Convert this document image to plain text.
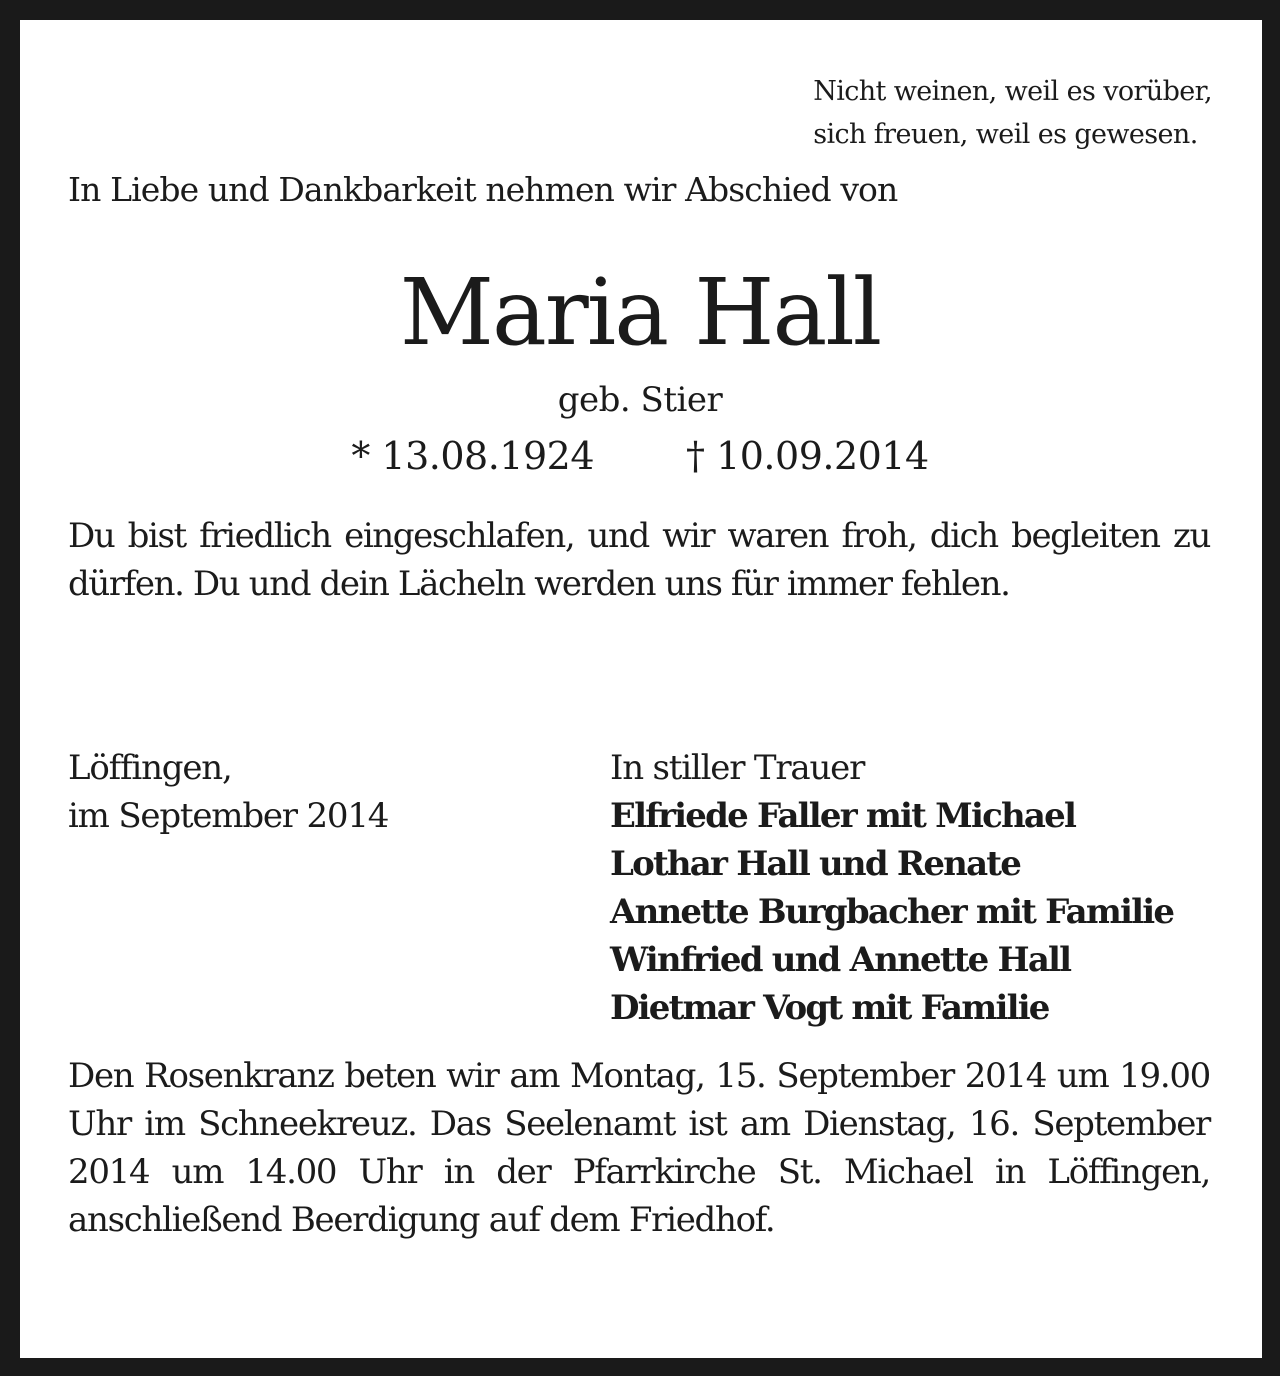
Nicht weinen, weil es vorüber,
sich freuen, weil es gewesen.
In Liebe und Dankbarkeit nehmen wir Abschied von
Maria Hall
geb. Stier
* 13.08.1924 † 10.09.2014
Du bist friedlich eingeschlafen, und wir waren froh, dich begleiten zu dürfen. Du und dein Lächeln werden uns für immer fehlen.
Löffingen,
im September 2014
In stiller Trauer
Elfriede Faller mit Michael
Lothar Hall und Renate
Annette Burgbacher mit Familie
Winfried und Annette Hall
Dietmar Vogt mit Familie
Den Rosenkranz beten wir am Montag, 15. September 2014 um 19.00 Uhr im Schneekreuz. Das Seelenamt ist am Dienstag, 16. September 2014 um 14.00 Uhr in der Pfarrkirche St. Michael in Löffingen, anschließend Beerdigung auf dem Friedhof.
